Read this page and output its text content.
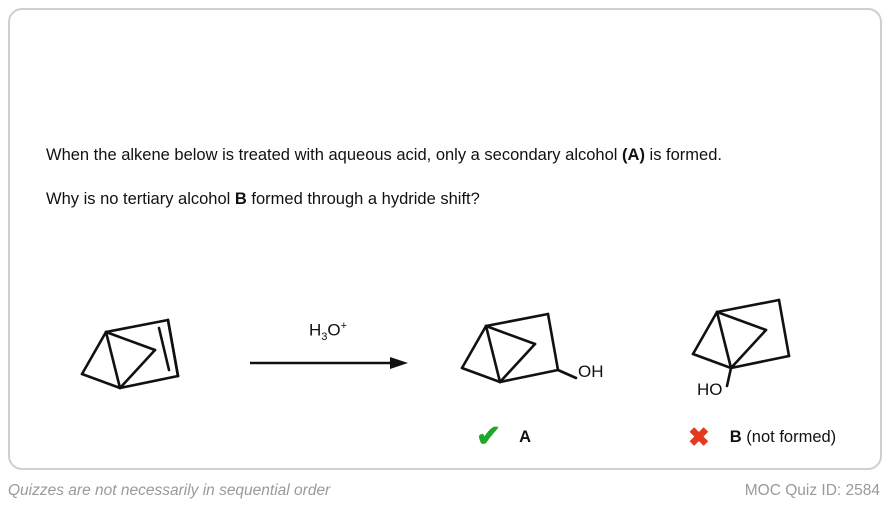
When the alkene below is treated with aqueous acid, only a secondary alcohol (A) is formed.
Why is no tertiary alcohol B formed through a hydride shift?
$H_3O^+$
OH
HO
✔ A	✖ B (not formed)
Quizzes are not necessarily in sequential order	MOC Quiz ID: 2584
